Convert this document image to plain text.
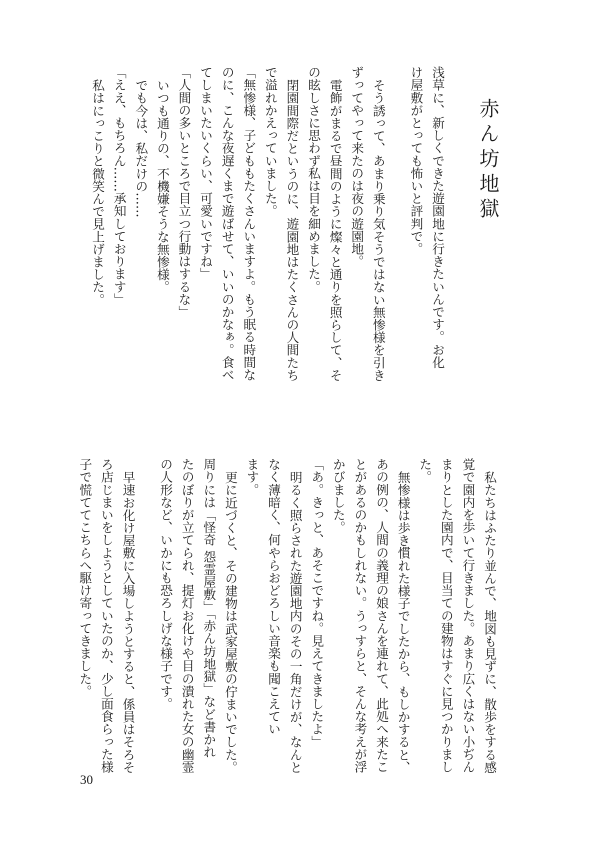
赤ん坊地獄
浅草に、新しくできた遊園地に行きたいんです。お化
け屋敷がとっても怖いと評判で。
そう誘って、あまり乗り気そうではない無惨様を引き
ずってやって来たのは夜の遊園地。
電飾がまるで昼間のように燦々と通りを照らして、そ
の眩しさに思わず私は目を細めました。
閉園間際だというのに、遊園地はたくさんの人間たち
で溢れかえっていました。
「無惨様、子どももたくさんいますよ。もう眠る時間な
のに、こんな夜遅くまで遊ばせて、いいのかなぁ。食べ
てしまいたいくらい、可愛いですね」
「人間の多いところで目立つ行動はするな」
いつも通りの、不機嫌そうな無惨様。
でも今は、私だけの……
「ええ、もちろん……承知しております」
私はにっこりと微笑んで見上げました。
私たちはふたり並んで、地図も見ずに、散歩をする感
覚で園内を歩いて行きました。あまり広くはない小ぢん
まりとした園内で、目当ての建物はすぐに見つかりまし
た。
無惨様は歩き慣れた様子でしたから、もしかすると、
あの例の、人間の義理の娘さんを連れて、此処へ来たこ
とがあるのかもしれない。うっすらと、そんな考えが浮
かびました。
「あ。きっと、あそこですね。見えてきましたよ」
明るく照らされた遊園地内のその一角だけが、なんと
なく薄暗く、何やらおどろしい音楽も聞こえてい
ます。
更に近づくと、その建物は武家屋敷の佇まいでした。
周りには「怪奇 怨霊屋敷」「赤ん坊地獄」など書かれ
たのぼりが立てられ、提灯お化けや目の潰れた女の幽霊
の人形など、いかにも恐ろしげな様子です。
早速お化け屋敷に入場しようとすると、係員はそろそ
ろ店じまいをしようとしていたのか、少し面食らった様
子で慌ててこちらへ駆け寄ってきました。
30
